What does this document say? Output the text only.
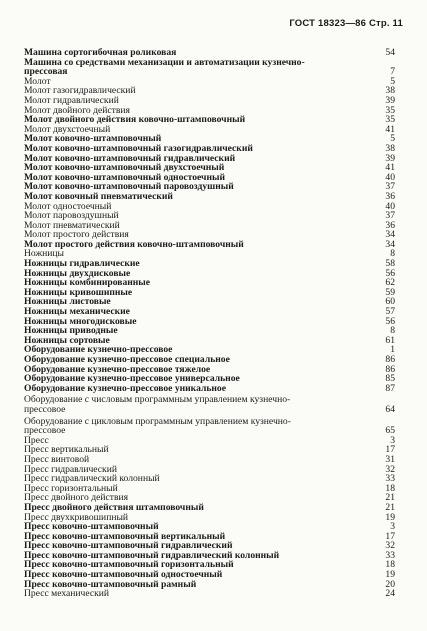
ГОСТ 18323—86 Стр. 11
Машина сортогибочная роликовая	54
Машина со средствами механизации и автоматизации кузнечно-прессовая	7
Молот	5
Молот газогидравлический	38
Молот гидравлический	39
Молот двойного действия	35
Молот двойного действия ковочно-штамповочный	35
Молот двухстоечный	41
Молот ковочно-штамповочный	5
Молот ковочно-штамповочный газогидравлический	38
Молот ковочно-штамповочный гидравлический	39
Молот ковочно-штамповочный двухстоечный	41
Молот ковочно-штамповочный одностоечный	40
Молот ковочно-штамповочный паровоздушный	37
Молот ковочный пневматический	36
Молот одностоечный	40
Молот паровоздушный	37
Молот пневматический	36
Молот простого действия	34
Молот простого действия ковочно-штамповочный	34
Ножницы	8
Ножницы гидравлические	58
Ножницы двухдисковые	56
Ножницы комбинированные	62
Ножницы кривошипные	59
Ножницы листовые	60
Ножницы механические	57
Ножницы многодисковые	56
Ножницы приводные	8
Ножницы сортовые	61
Оборудование кузнечно-прессовое	1
Оборудование кузнечно-прессовое специальное	86
Оборудование кузнечно-прессовое тяжелое	86
Оборудование кузнечно-прессовое универсальное	85
Оборудование кузнечно-прессовое уникальное	87
Оборудование с числовым программным управлением кузнечно-прессовое	64
Оборудование с цикловым программным управлением кузнечно-прессовое	65
Пресс	3
Пресс вертикальный	17
Пресс винтовой	31
Пресс гидравлический	32
Пресс гидравлический колонный	33
Пресс горизонтальный	18
Пресс двойного действия	21
Пресс двойного действия штамповочный	21
Пресс двухкривошипный	19
Пресс ковочно-штамповочный	3
Пресс ковочно-штамповочный вертикальный	17
Пресс ковочно-штамповочный гидравлический	32
Пресс ковочно-штамповочный гидравлический колонный	33
Пресс ковочно-штамповочный горизонтальный	18
Пресс ковочно-штамповочный одностоечный	19
Пресс ковочно-штамповочный рамный	20
Пресс механический	24
